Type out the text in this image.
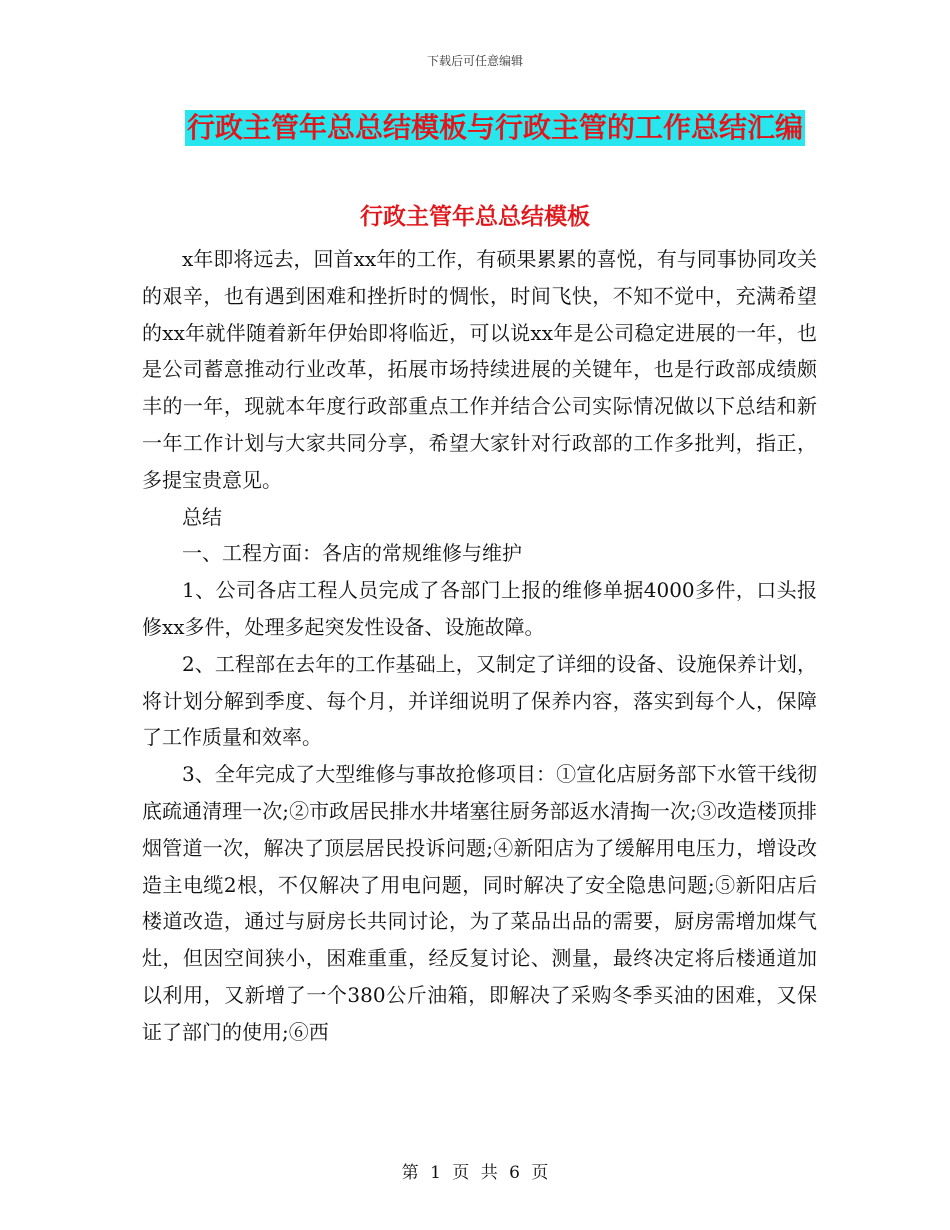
下载后可任意编辑
行政主管年总总结模板与行政主管的工作总结汇编
行政主管年总总结模板

x年即将远去，回首xx年的工作，有硕果累累的喜悦，有与同事协同攻关的艰辛，也有遇到困难和挫折时的惆怅，时间飞快，不知不觉中，充满希望的xx年就伴随着新年伊始即将临近，可以说xx年是公司稳定进展的一年，也是公司蓄意推动行业改革，拓展市场持续进展的关键年，也是行政部成绩颇丰的一年，现就本年度行政部重点工作并结合公司实际情况做以下总结和新一年工作计划与大家共同分享，希望大家针对行政部的工作多批判，指正，多提宝贵意见。

总结

一、工程方面：各店的常规维修与维护

1、公司各店工程人员完成了各部门上报的维修单据4000多件，口头报修xx多件，处理多起突发性设备、设施故障。

2、工程部在去年的工作基础上，又制定了详细的设备、设施保养计划，将计划分解到季度、每个月，并详细说明了保养内容，落实到每个人，保障了工作质量和效率。

3、全年完成了大型维修与事故抢修项目：①宣化店厨务部下水管干线彻底疏通清理一次;②市政居民排水井堵塞往厨务部返水清掏一次;③改造楼顶排烟管道一次，解决了顶层居民投诉问题;④新阳店为了缓解用电压力，增设改造主电缆2根，不仅解决了用电问题，同时解决了安全隐患问题;⑤新阳店后楼道改造，通过与厨房长共同讨论，为了菜品出品的需要，厨房需增加煤气灶，但因空间狭小，困难重重，经反复讨论、测量，最终决定将后楼通道加以利用，又新增了一个380公斤油箱，即解决了采购冬季买油的困难，又保证了部门的使用;⑥西

第 1 页 共 6 页
